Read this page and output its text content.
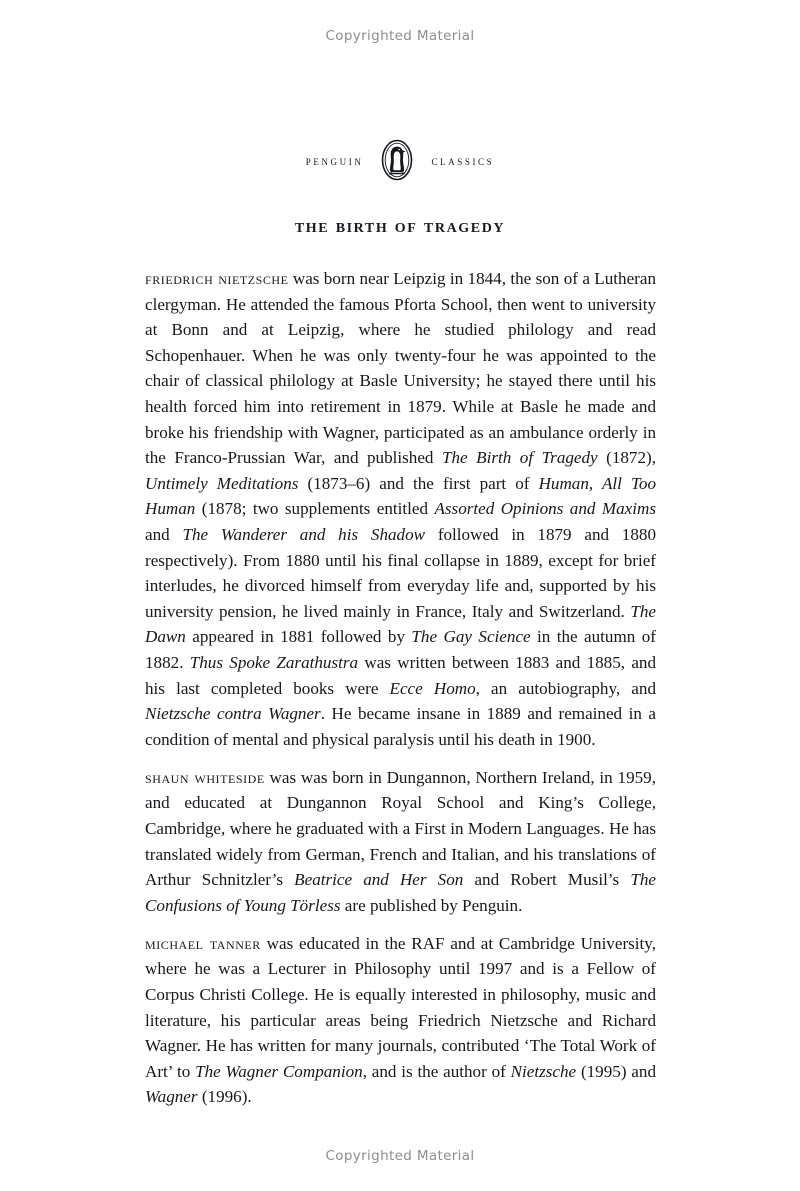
Copyrighted Material
penguin	classics
the birth of tragedy

friedrich nietzsche was born near Leipzig in 1844, the son of a Lutheran clergyman. He attended the famous Pforta School, then went to university at Bonn and at Leipzig, where he studied philology and read Schopenhauer. When he was only twenty-four he was appointed to the chair of classical philology at Basle University; he stayed there until his health forced him into retirement in 1879. While at Basle he made and broke his friendship with Wagner, participated as an ambulance orderly in the Franco-Prussian War, and published The Birth of Tragedy (1872), Untimely Meditations (1873–6) and the first part of Human, All Too Human (1878; two supplements entitled Assorted Opinions and Maxims and The Wanderer and his Shadow followed in 1879 and 1880 respectively). From 1880 until his final collapse in 1889, except for brief interludes, he divorced himself from everyday life and, supported by his university pension, he lived mainly in France, Italy and Switzerland. The Dawn appeared in 1881 followed by The Gay Science in the autumn of 1882. Thus Spoke Zarathustra was written between 1883 and 1885, and his last completed books were Ecce Homo, an autobiography, and Nietzsche contra Wagner. He became insane in 1889 and remained in a condition of mental and physical paralysis until his death in 1900.

shaun whiteside was was born in Dungannon, Northern Ireland, in 1959, and educated at Dungannon Royal School and King’s College, Cambridge, where he graduated with a First in Modern Languages. He has translated widely from German, French and Italian, and his translations of Arthur Schnitzler’s Beatrice and Her Son and Robert Musil’s The Confusions of Young Törless are published by Penguin.

michael tanner was educated in the RAF and at Cambridge University, where he was a Lecturer in Philosophy until 1997 and is a Fellow of Corpus Christi College. He is equally interested in philosophy, music and literature, his particular areas being Friedrich Nietzsche and Richard Wagner. He has written for many journals, contributed ‘The Total Work of Art’ to The Wagner Companion, and is the author of Nietzsche (1995) and Wagner (1996).

Copyrighted Material
